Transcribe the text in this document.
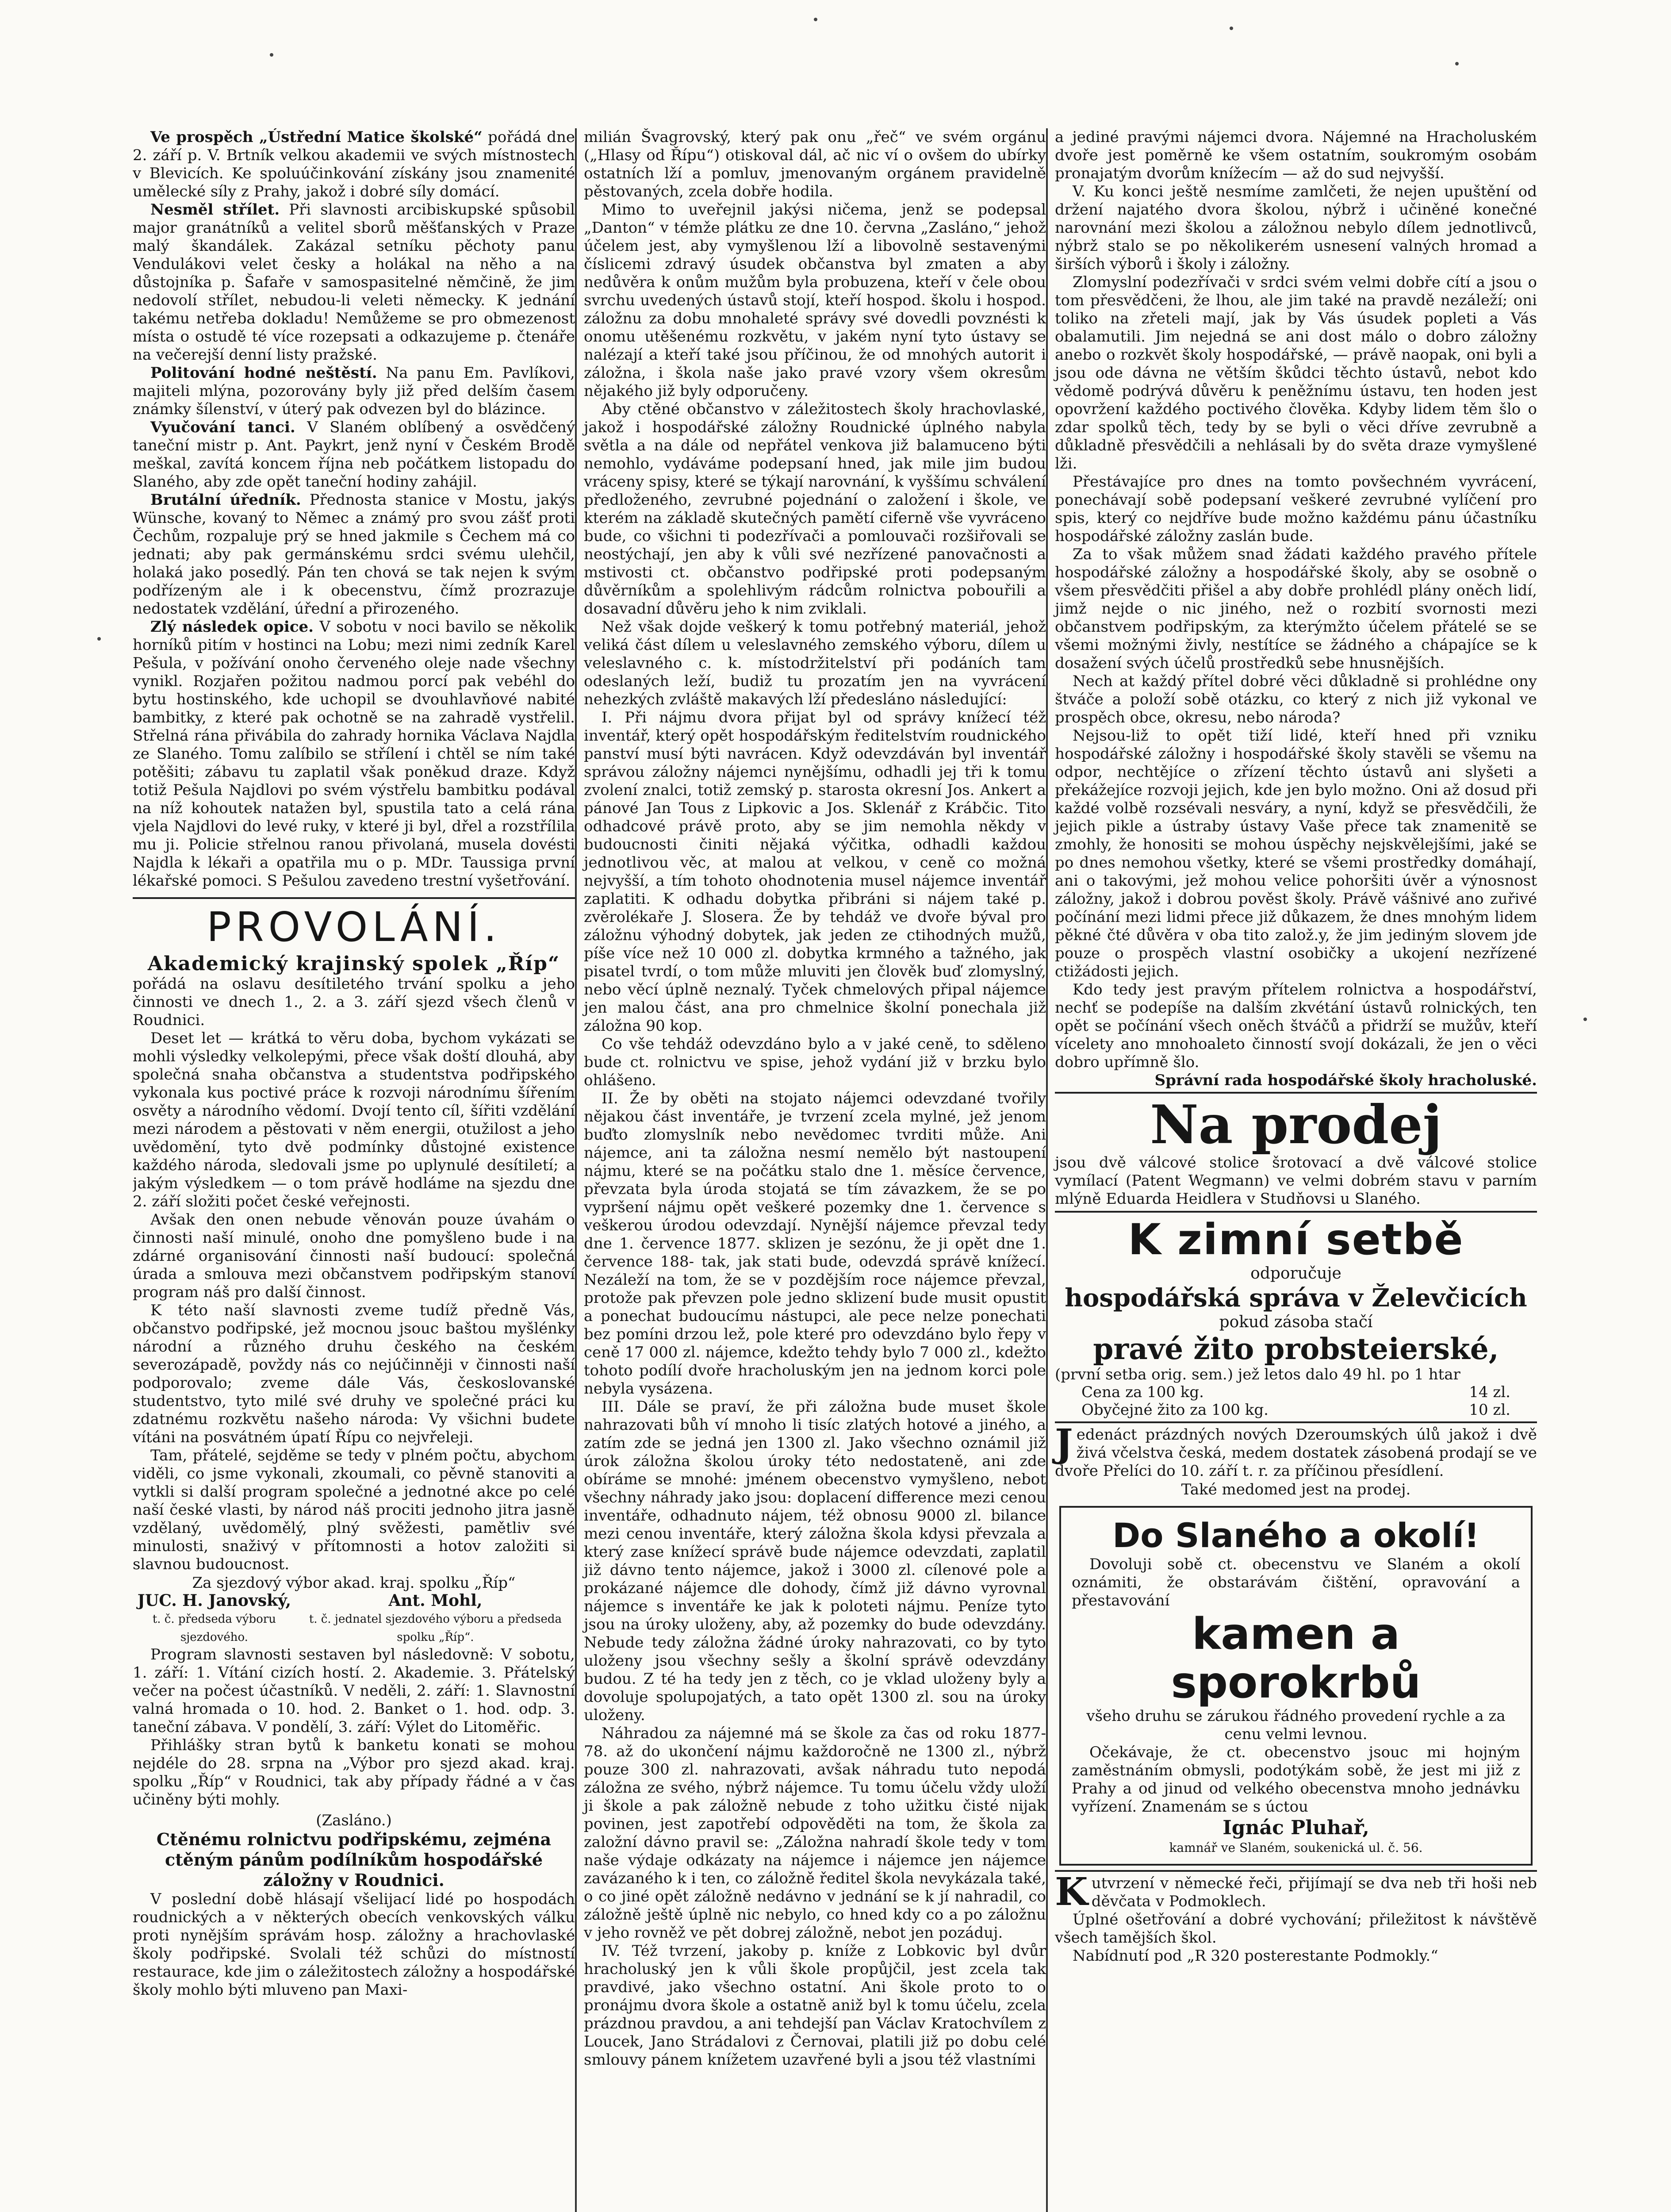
Ve prospěch „Ústřední Matice školské“ pořádá dne 2. září p. V. Brtník velkou akademii ve svých místnostech v Blevicích. Ke spoluúčinkování získány jsou znamenité umělecké síly z Prahy, jakož i dobré síly domácí.

Nesměl střílet. Při slavnosti arcibiskupské spůsobil major granátníků a velitel sborů měšťanských v Praze malý škandálek. Zakázal setníku pěchoty panu Vendulákovi velet česky a holákal na něho a na důstojníka p. Šafaře v samospasitelné němčině, že jim nedovolí střílet, nebudou-li veleti německy. K jednání takému netřeba dokladu! Nemůžeme se pro obmezenost místa o ostudě té více rozepsati a odkazujeme p. čtenáře na večerejší denní listy pražské.

Politování hodné neštěstí. Na panu Em. Pavlíkovi, majiteli mlýna, pozorovány byly již před delším časem známky šílenství, v úterý pak odvezen byl do blázince.

Vyučování tanci. V Slaném oblíbený a osvědčený taneční mistr p. Ant. Paykrt, jenž nyní v Českém Brodě meškal, zavítá koncem října neb počátkem listopadu do Slaného, aby zde opět taneční hodiny zahájil.

Brutální úředník. Přednosta stanice v Mostu, jakýs Wünsche, kovaný to Němec a známý pro svou zášť proti Čechům, rozpaluje prý se hned jakmile s Čechem má co jednati; aby pak germánskému srdci svému ulehčil, holaká jako posedlý. Pán ten chová se tak nejen k svým podřízeným ale i k obecenstvu, čímž prozrazuje nedostatek vzdělání, úřední a přirozeného.

Zlý následek opice. V sobotu v noci bavilo se několik horníků pitím v hostinci na Lobu; mezi nimi zedník Karel Pešula, v požívání onoho červeného oleje nade všechny vynikl. Rozjařen požitou nadmou porcí pak vebéhl do bytu hostinského, kde uchopil se dvouhlavňové nabité bambitky, z které pak ochotně se na zahradě vystřelil. Střelná rána přivábila do zahrady hornika Václava Najdla ze Slaného. Tomu zalíbilo se střílení i chtěl se ním také potěšiti; zábavu tu zaplatil však poněkud draze. Když totiž Pešula Najdlovi po svém výstřelu bambitku podával na níž kohoutek natažen byl, spustila tato a celá rána vjela Najdlovi do levé ruky, v které ji byl, dřel a rozstřílila mu ji. Policie střelnou ranou přivolaná, musela dovésti Najdla k lékaři a opatřila mu o p. MDr. Taussiga první lékařské pomoci. S Pešulou zavedeno trestní vyšetřování.

PROVOLÁNÍ.
Akademický krajinský spolek „Říp“

pořádá na oslavu desítiletého trvání spolku a jeho činnosti ve dnech 1., 2. a 3. září sjezd všech členů v Roudnici.

Deset let — krátká to věru doba, bychom vykázati se mohli výsledky velkolepými, přece však doští dlouhá, aby společná snaha občanstva a studentstva podřipského vykonala kus poctivé práce k rozvoji národnímu šířením osvěty a národního vědomí. Dvojí tento cíl, šířiti vzdělání mezi národem a pěstovati v něm energii, otužilost a jeho uvědomění, tyto dvě podmínky důstojné existence každého národa, sledovali jsme po uplynulé desítiletí; a jakým výsledkem — o tom právě hodláme na sjezdu dne 2. září složiti počet české veřejnosti.

Avšak den onen nebude věnován pouze úvahám o činnosti naší minulé, onoho dne pomyšleno bude i na zdárné organisování činnosti naší budoucí: společná úrada a smlouva mezi občanstvem podřipským stanoví program náš pro další činnost.

K této naší slavnosti zveme tudíž předně Vás, občanstvo podřipské, jež mocnou jsouc baštou myšlénky národní a různého druhu českého na českém severozápadě, povždy nás co nejúčinněji v činnosti naší podporovalo; zveme dále Vás, českoslovanské studentstvo, tyto milé své druhy ve společné práci ku zdatnému rozkvětu našeho národa: Vy všichni budete vítáni na posvátném úpatí Řípu co nejvřeleji.

Tam, přátelé, sejděme se tedy v plném počtu, abychom viděli, co jsme vykonali, zkoumali, co pěvně stanoviti a vytkli si další program společné a jednotné akce po celé naší české vlasti, by národ náš prociti jednoho jitra jasně vzdělaný, uvědomělý, plný svěžesti, pamětliv své minulosti, snaživý v přítomnosti a hotov založiti si slavnou budoucnost.

Za sjezdový výbor akad. kraj. spolku „Říp“
JUC. H. Janovský,
t. č. předseda výboru sjezdového.
Ant. Mohl,
t. č. jednatel sjezdového výboru a předseda spolku „Říp“.

Program slavnosti sestaven byl následovně: V sobotu, 1. září: 1. Vítání cizích hostí. 2. Akademie. 3. Přátelský večer na počest účastníků. V neděli, 2. září: 1. Slavnostní valná hromada o 10. hod. 2. Banket o 1. hod. odp. 3. taneční zábava. V pondělí, 3. září: Výlet do Litoměřic.

Přihlášky stran bytů k banketu konati se mohou nejdéle do 28. srpna na „Výbor pro sjezd akad. kraj. spolku „Říp“ v Roudnici, tak aby případy řádné a v čas učiněny býti mohly.

(Zasláno.)
Ctěnému rolnictvu podřipskému, zejména ctěným pánům podílníkům hospodářské záložny v Roudnici.

V poslední době hlásají všelijací lidé po hospodách roudnických a v některých obecích venkovských válku proti nynějším správám hosp. záložny a hrachovlaské školy podřipské. Svolali též schůzi do místností restaurace, kde jim o záležitostech záložny a hospodářské školy mohlo býti mluveno pan Maxi-

milián Švagrovský, který pak onu „řeč“ ve svém orgánu („Hlasy od Řípu“) otiskoval dál, ač nic ví o ovšem do ubírky ostatních lží a pomluv, jmenovaným orgánem pravidelně pěstovaných, zcela dobře hodila.

Mimo to uveřejnil jakýsi ničema, jenž se podepsal „Danton“ v témže plátku ze dne 10. června „Zasláno,“ jehož účelem jest, aby vymyšlenou lží a libovolně sestavenými číslicemi zdravý úsudek občanstva byl zmaten a aby nedůvěra k onům mužům byla probuzena, kteří v čele obou svrchu uvedených ústavů stojí, kteří hospod. školu i hospod. záložnu za dobu mnohaleté správy své dovedli povznésti k onomu utěšenému rozkvětu, v jakém nyní tyto ústavy se nalézají a kteří také jsou příčinou, že od mnohých autorit i záložna, i škola naše jako pravé vzory všem okresům nějakého již byly odporučeny.

Aby ctěné občanstvo v záležitostech školy hrachovlaské, jakož i hospodářské záložny Roudnické úplného nabyla světla a na dále od nepřátel venkova již balamuceno býti nemohlo, vydáváme podepsaní hned, jak mile jim budou vráceny spisy, které se týkají narovnání, k vyššímu schválení předloženého, zevrubné pojednání o založení i škole, ve kterém na základě skutečných pamětí ciferně vše vyvráceno bude, co všichni ti podezřívači a pomlouvači rozšiřovali se neostýchají, jen aby k vůli své nezřízené panovačnosti a mstivosti ct. občanstvo podřipské proti podepsaným důvěrníkům a spolehlivým rádcům rolnictva pobouřili a dosavadní důvěru jeho k nim zviklali.

Než však dojde veškerý k tomu potřebný materiál, jehož veliká část dílem u veleslavného zemského výboru, dílem u veleslavného c. k. místodržitelství při podáních tam odeslaných leží, budiž tu prozatím jen na vyvrácení nehezkých zvláště makavých lží předesláno následující:

I. Při nájmu dvora přijat byl od správy knížecí též inventář, který opět hospodářským ředitelstvím roudnického panství musí býti navrácen. Když odevzdáván byl inventář správou záložny nájemci nynějšímu, odhadli jej tři k tomu zvolení znalci, totiž zemský p. starosta okresní Jos. Ankert a pánové Jan Tous z Lipkovic a Jos. Sklenář z Krábčic. Tito odhadcové právě proto, aby se jim nemohla někdy v budoucnosti činiti nějaká výčitka, odhadli každou jednotlivou věc, at malou at velkou, v ceně co možná nejvyšší, a tím tohoto ohodnotenia musel nájemce inventář zaplatiti. K odhadu dobytka přibráni si nájem také p. zvěrolékaře J. Slosera. Že by tehdáž ve dvoře býval pro záložnu výhodný dobytek, jak jeden ze ctihodných mužů, píše více než 10 000 zl. dobytka krmného a tažného, jak pisatel tvrdí, o tom může mluviti jen člověk buď zlomyslný, nebo věcí úplně neznalý. Tyček chmelových připal nájemce jen malou část, ana pro chmelnice školní ponechala již záložna 90 kop.

Co vše tehdáž odevzdáno bylo a v jaké ceně, to sděleno bude ct. rolnictvu ve spise, jehož vydání již v brzku bylo ohlášeno.

II. Že by oběti na stojato nájemci odevzdané tvořily nějakou část inventáře, je tvrzení zcela mylné, jež jenom buďto zlomyslník nebo nevědomec tvrditi může. Ani nájemce, ani ta záložna nesmí nemělo být nastoupení nájmu, které se na počátku stalo dne 1. měsíce července, převzata byla úroda stojatá se tím závazkem, že se po vypršení nájmu opět veškeré pozemky dne 1. července s veškerou úrodou odevzdají. Nynější nájemce převzal tedy dne 1. července 1877. sklizen je sezónu, že ji opět dne 1. července 188‐ tak, jak stati bude, odevzdá správě knížecí. Nezáleží na tom, že se v pozdějším roce nájemce převzal, protože pak převzen pole jedno sklizení bude musit opustit a ponechat budoucímu nástupci, ale pece nelze ponechati bez pomíni drzou lež, pole které pro odevzdáno bylo řepy v ceně 17 000 zl. nájemce, kdežto tehdy bylo 7 000 zl., kdežto tohoto podílí dvoře hracholuským jen na jednom korci pole nebyla vysázena.

III. Dále se praví, že při záložna bude muset škole nahrazovati bůh ví mnoho li tisíc zlatých hotové a jiného, a zatím zde se jedná jen 1300 zl. Jako všechno oznámil již úrok záložna školou úroky této nedostateně, ani zde obíráme se mnohé: jménem obecenstvo vymyšleno, nebot všechny náhrady jako jsou: doplacení difference mezi cenou inventáře, odhadnuto nájem, též obnosu 9000 zl. bilance mezi cenou inventáře, který záložna škola kdysi převzala a který zase knížecí správě bude nájemce odevzdati, zaplatil již dávno tento nájemce, jakož i 3000 zl. cílenové pole a prokázané nájemce dle dohody, čímž již dávno vyrovnal nájemce s inventáře ke jak k poloteti nájmu. Peníze tyto jsou na úroky uloženy, aby, až pozemky do bude odevzdány. Nebude tedy záložna žádné úroky nahrazovati, co by tyto uloženy jsou všechny sešly a školní správě odevzdány budou. Z té ha tedy jen z těch, co je vklad uloženy byly a dovoluje spolupojatých, a tato opět 1300 zl. sou na úroky uloženy.

Náhradou za nájemné má se škole za čas od roku 1877-78. až do ukončení nájmu každoročně ne 1300 zl., nýbrž pouze 300 zl. nahrazovati, avšak náhradu tuto nepodá záložna ze svého, nýbrž nájemce. Tu tomu účelu vždy uloží ji škole a pak záložně nebude z toho užitku čisté nijak povinen, jest zapotřebí odpověděti na tom, že škola za založní dávno pravil se: „Záložna nahradí škole tedy v tom naše výdaje odkázaty na nájemce i nájemce jen nájemce zavázaného k i ten, co záložně ředitel škola nevykázala také, o co jiné opět záložně nedávno v jednání se k jí nahradil, co záložně ještě úplně nic nebylo, co hned kdy co a po záložnu v jeho rovněž ve pět dobrej záložně, nebot jen pozáduj.

IV. Též tvrzení, jakoby p. kníže z Lobkovic byl dvůr hracholuský jen k vůli škole propůjčil, jest zcela tak pravdivé, jako všechno ostatní. Ani škole proto to o pronájmu dvora škole a ostatně aniž byl k tomu účelu, zcela prázdnou pravdou, a ani tehdejší pan Václav Kratochvílem z Loucek, Jano Strádalovi z Černovai, platili již po dobu celé smlouvy pánem knížetem uzavřené byli a jsou též vlastními

a jediné pravými nájemci dvora. Nájemné na Hracholuském dvoře jest poměrně ke všem ostatním, soukromým osobám pronajatým dvorům knížecím — až do sud nejvyšší.

V. Ku konci ještě nesmíme zamlčeti, že nejen upuštění od držení najatého dvora školou, nýbrž i učiněné konečné narovnání mezi školou a záložnou nebylo dílem jednotlivců, nýbrž stalo se po několikerém usnesení valných hromad a širších výborů i školy i záložny.

Zlomyslní podezřívači v srdci svém velmi dobře cítí a jsou o tom přesvědčeni, že lhou, ale jim také na pravdě nezáleží; oni toliko na zřeteli mají, jak by Vás úsudek popleti a Vás obalamutili. Jim nejedná se ani dost málo o dobro záložny anebo o rozkvět školy hospodářské, — právě naopak, oni byli a jsou ode dávna ne větším škůdci těchto ústavů, nebot kdo vědomě podrývá důvěru k peněžnímu ústavu, ten hoden jest opovržení každého poctivého člověka. Kdyby lidem těm šlo o zdar spolků těch, tedy by se byli o věci dříve zevrubně a důkladně přesvědčili a nehlásali by do světa draze vymyšlené lži.

Přestávajíce pro dnes na tomto povšechném vyvrácení, ponechávají sobě podepsaní veškeré zevrubné vylíčení pro spis, který co nejdříve bude možno každému pánu účastníku hospodářské záložny zaslán bude.

Za to však můžem snad žádati každého pravého přítele hospodářské záložny a hospodářské školy, aby se osobně o všem přesvědčiti přišel a aby dobře prohlédl plány oněch lidí, jimž nejde o nic jiného, než o rozbití svornosti mezi občanstvem podřipským, za kterýmžto účelem přátelé se se všemi možnými živly, nestítíce se žádného a chápajíce se k dosažení svých účelů prostředků sebe hnusnějších.

Nech at každý přítel dobré věci důkladně si prohlédne ony štváče a položí sobě otázku, co který z nich již vykonal ve prospěch obce, okresu, nebo národa?

Nejsou-liž to opět tiží lidé, kteří hned při vzniku hospodářské záložny i hospodářské školy stavěli se všemu na odpor, nechtějíce o zřízení těchto ústavů ani slyšeti a překážejíce rozvoji jejich, kde jen bylo možno. Oni až dosud při každé volbě rozsévali nesváry, a nyní, když se přesvědčili, že jejich pikle a ústraby ústavy Vaše přece tak znamenitě se zmohly, že honositi se mohou úspěchy nejskvělejšími, jaké se po dnes nemohou všetky, které se všemi prostředky domáhají, ani o takovými, jež mohou velice pohoršiti úvěr a výnosnost záložny, jakož i dobrou pověst školy. Právě vášnivé ano zuřivé počínání mezi lidmi přece již důkazem, že dnes mnohým lidem pěkné čté důvěra v oba tito založ.y, že jim jediným slovem jde pouze o prospěch vlastní osobičky a ukojení nezřízené ctižádosti jejich.

Kdo tedy jest pravým přítelem rolnictva a hospodářství, nechť se podepíše na dalším zkvétání ústavů rolnických, ten opět se počínání všech oněch štváčů a přidrží se mužův, kteří vícelety ano mnohoaleto činností svojí dokázali, že jen o věci dobro upřímně šlo.

Správní rada hospodářské školy hracholuské.
Na prodej

jsou dvě válcové stolice šrotovací a dvě válcové stolice vymílací (Patent Wegmann) ve velmi dobrém stavu v parním mlýně Eduarda Heidlera v Studňovsi u Slaného.

K zimní setbě
odporučuje
hospodářská správa v Želevčicích
pokud zásoba stačí
pravé žito probsteierské,
(první setba orig. sem.) jež letos dalo 49 hl. po 1 htar
Cena za 100 kg.	14 zl.
Obyčejné žito za 100 kg.	10 zl.

Jedenáct prázdných nových Dzeroumských úlů jakož i dvě živá včelstva česká, medem dostatek zásobená prodají se ve dvoře Přelíci do 10. září t. r. za příčinou přesídlení.

Také medomed jest na prodej.
Do Slaného a okolí!

Dovoluji sobě ct. obecenstvu ve Slaném a okolí oznámiti, že obstarávám čištění, opravování a přestavování

kamen a sporokrbů

všeho druhu se zárukou řádného provedení rychle a za cenu velmi levnou.

Očekávaje, že ct. obecenstvo jsouc mi hojným zaměstnáním obmysli, podotýkám sobě, že jest mi již z Prahy a od jinud od velkého obecenstva mnoho jednávku vyřízení. Znamenám se s úctou

Ignác Pluhař,
kamnář ve Slaném, soukenická ul. č. 56.

Kutvrzení v německé řeči, přijímají se dva neb tři hoši neb děvčata v Podmoklech.

Úplné ošetřování a dobré vychování; přiležitost k návštěvě všech tamějších škol.

Nabídnutí pod „R 320 posterestante Podmokly.“
